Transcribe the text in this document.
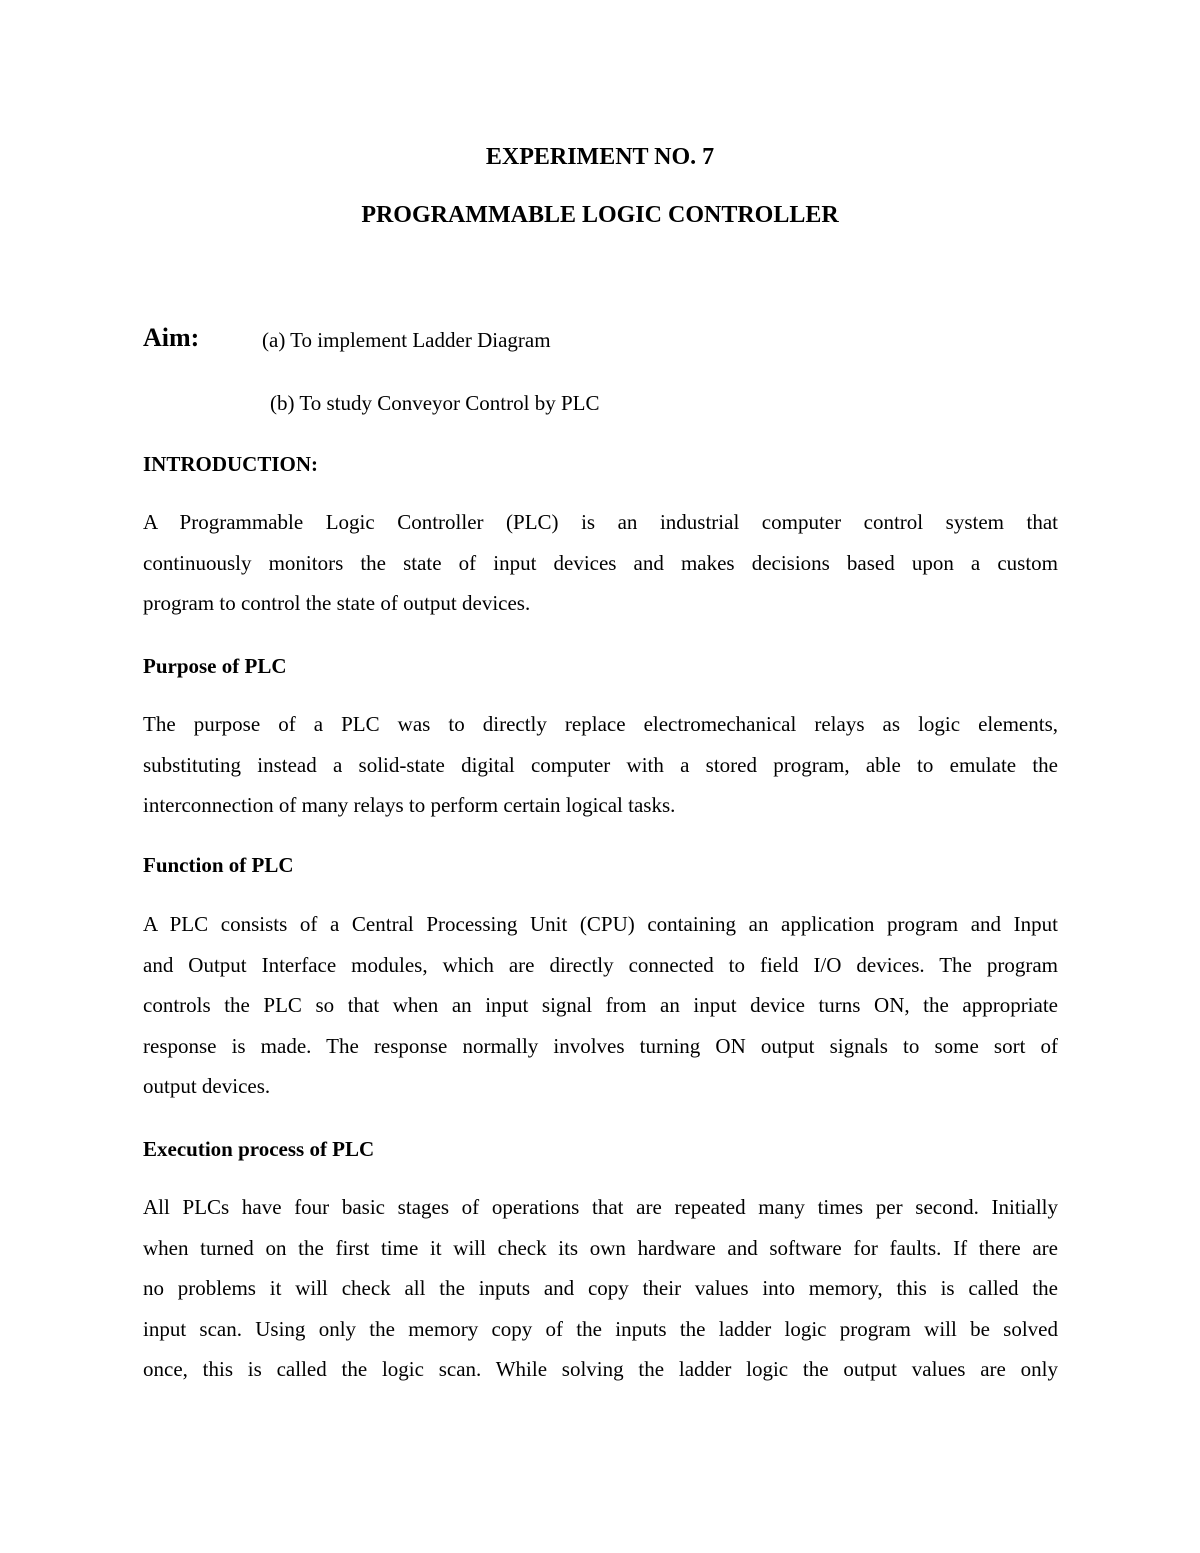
EXPERIMENT NO. 7
PROGRAMMABLE LOGIC CONTROLLER
Aim:	(a) To implement Ladder Diagram
(b) To study Conveyor Control by PLC
INTRODUCTION:
A Programmable Logic Controller (PLC) is an industrial computer control system that
continuously monitors the state of input devices and makes decisions based upon a custom
program to control the state of output devices.
Purpose of PLC
The purpose of a PLC was to directly replace electromechanical relays as logic elements,
substituting instead a solid-state digital computer with a stored program, able to emulate the
interconnection of many relays to perform certain logical tasks.
Function of PLC
A PLC consists of a Central Processing Unit (CPU) containing an application program and Input
and Output Interface modules, which are directly connected to field I/O devices. The program
controls the PLC so that when an input signal from an input device turns ON, the appropriate
response is made. The response normally involves turning ON output signals to some sort of
output devices.
Execution process of PLC
All PLCs have four basic stages of operations that are repeated many times per second. Initially
when turned on the first time it will check its own hardware and software for faults. If there are
no problems it will check all the inputs and copy their values into memory, this is called the
input scan. Using only the memory copy of the inputs the ladder logic program will be solved
once, this is called the logic scan. While solving the ladder logic the output values are only
